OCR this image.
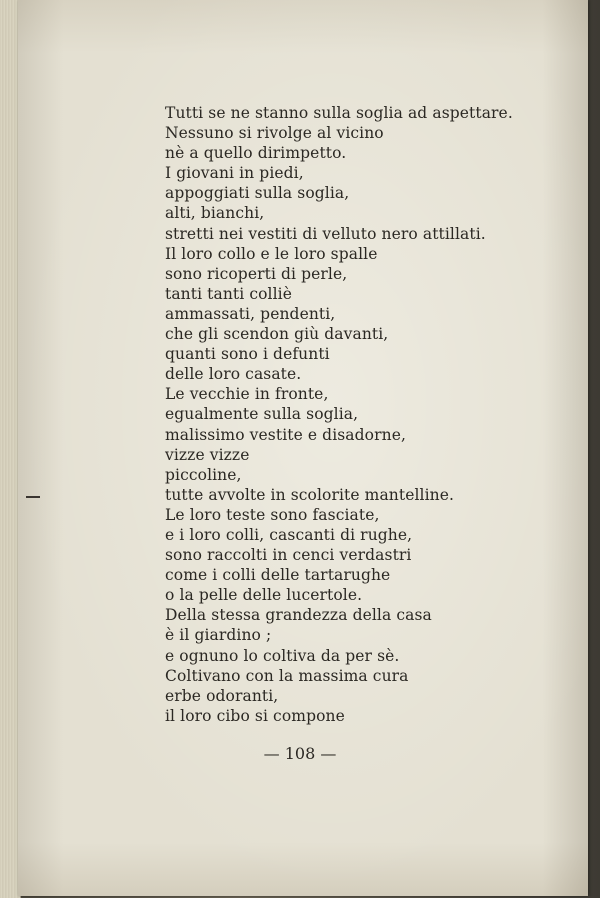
Tutti se ne stanno sulla soglia ad aspettare.
Nessuno si rivolge al vicino
nè a quello dirimpetto.
I giovani in piedi,
appoggiati sulla soglia,
alti, bianchi,
stretti nei vestiti di velluto nero attillati.
Il loro collo e le loro spalle
sono ricoperti di perle,
tanti tanti colliè
ammassati, pendenti,
che gli scendon giù davanti,
quanti sono i defunti
delle loro casate.
Le vecchie in fronte,
egualmente sulla soglia,
malissimo vestite e disadorne,
vizze vizze
piccoline,
tutte avvolte in scolorite mantelline.
Le loro teste sono fasciate,
e i loro colli, cascanti di rughe,
sono raccolti in cenci verdastri
come i colli delle tartarughe
o la pelle delle lucertole.
Della stessa grandezza della casa
è il giardino ;
e ognuno lo coltiva da per sè.
Coltivano con la massima cura
erbe odoranti,
il loro cibo si compone
— 108 —
